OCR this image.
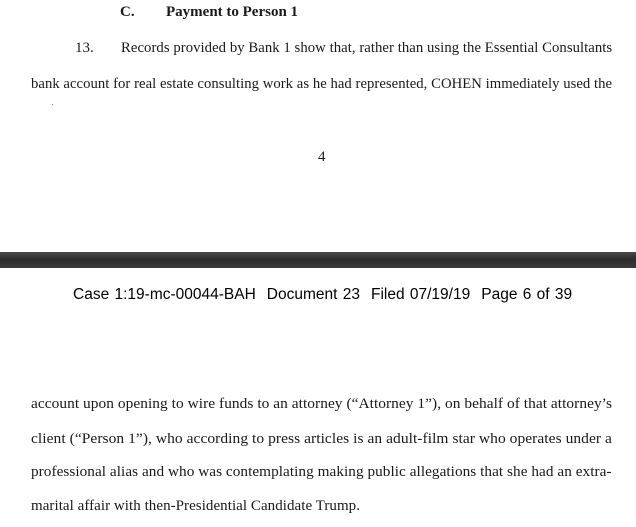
C. Payment to Person 1
13. Records provided by Bank 1 show that, rather than using the Essential Consultants
bank account for real estate consulting work as he had represented, COHEN immediately used the
4
Case 1:19-mc-00044-BAH Document 23 Filed 07/19/19 Page 6 of 39
account upon opening to wire funds to an attorney (“Attorney 1”), on behalf of that attorney’s
client (“Person 1”), who according to press articles is an adult-film star who operates under a
professional alias and who was contemplating making public allegations that she had an extra-
marital affair with then-Presidential Candidate Trump.
